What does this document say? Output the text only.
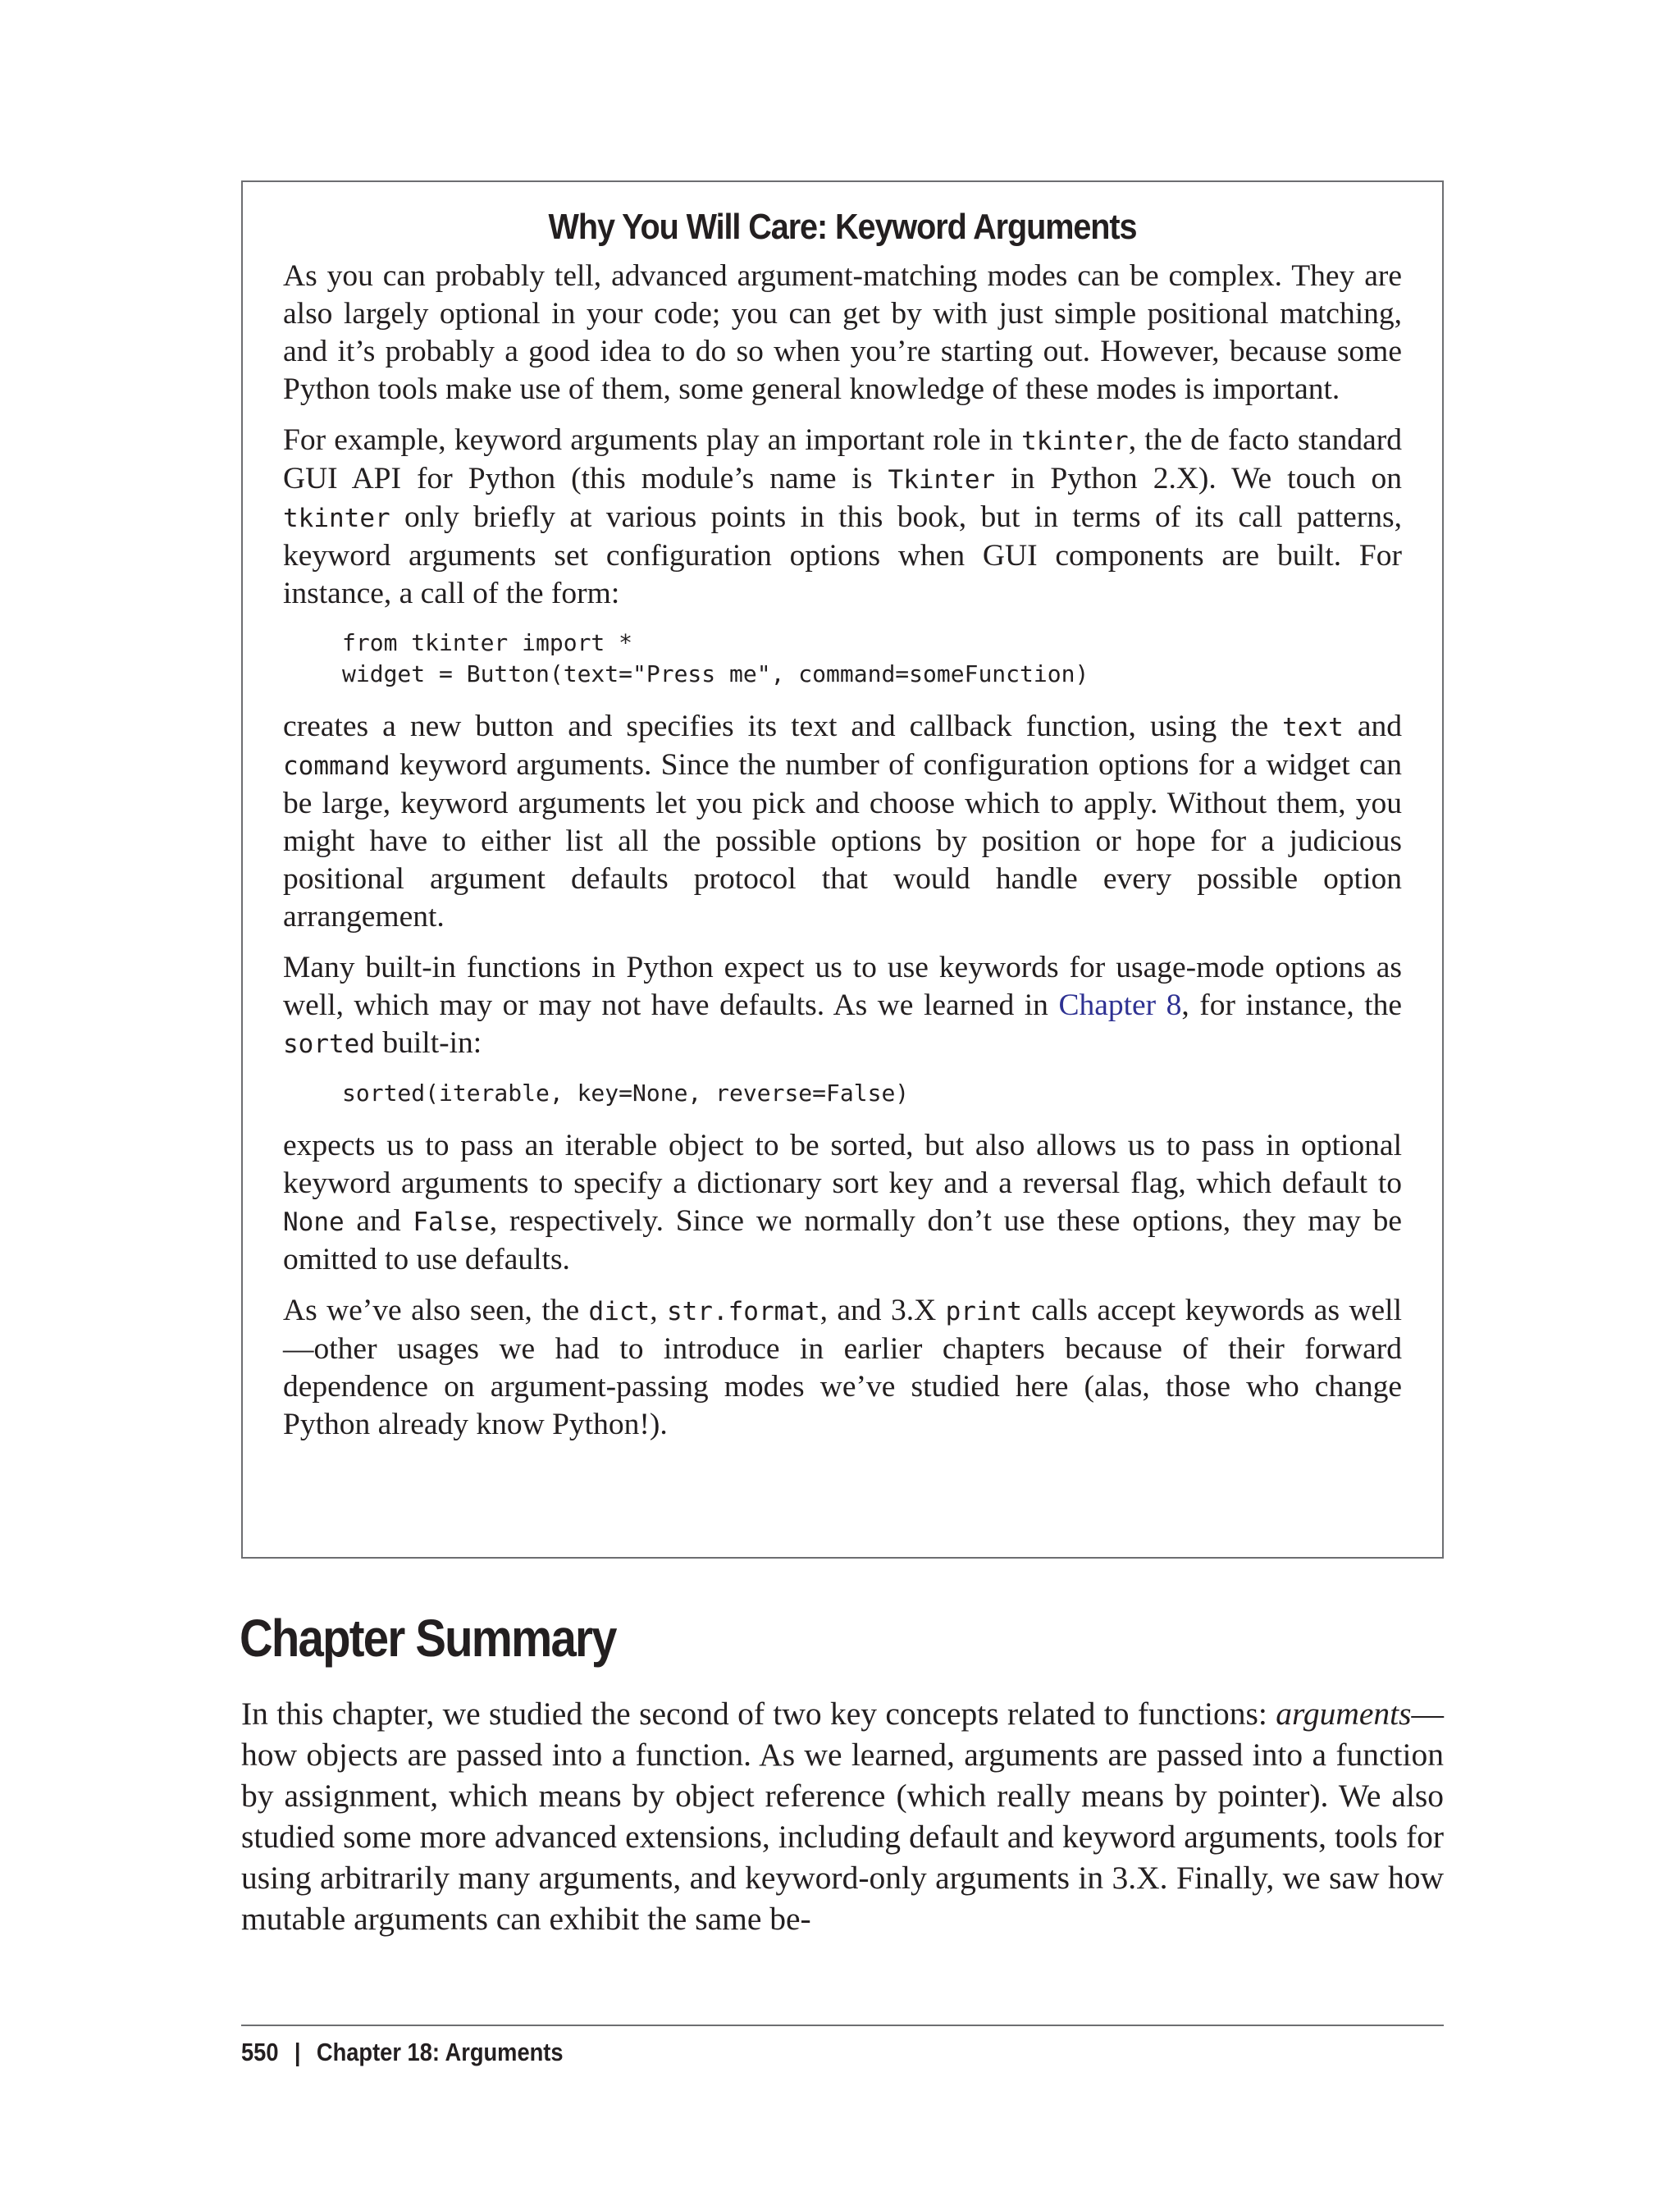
Why You Will Care: Keyword Arguments

As you can probably tell, advanced argument-matching modes can be complex. They are also largely optional in your code; you can get by with just simple positional matching, and it’s probably a good idea to do so when you’re starting out. However, because some Python tools make use of them, some general knowledge of these modes is important.

For example, keyword arguments play an important role in tkinter, the de facto standard GUI API for Python (this module’s name is Tkinter in Python 2.X). We touch on tkinter only briefly at various points in this book, but in terms of its call patterns, keyword arguments set configuration options when GUI components are built. For instance, a call of the form:

from tkinter import *
widget = Button(text="Press me", command=someFunction)

creates a new button and specifies its text and callback function, using the text and command keyword arguments. Since the number of configuration options for a widget can be large, keyword arguments let you pick and choose which to apply. Without them, you might have to either list all the possible options by position or hope for a judicious positional argument defaults protocol that would handle every possible option arrangement.

Many built-in functions in Python expect us to use keywords for usage-mode options as well, which may or may not have defaults. As we learned in Chapter 8, for instance, the sorted built-in:

sorted(iterable, key=None, reverse=False)

expects us to pass an iterable object to be sorted, but also allows us to pass in optional keyword arguments to specify a dictionary sort key and a reversal flag, which default to None and False, respectively. Since we normally don’t use these options, they may be omitted to use defaults.

As we’ve also seen, the dict, str.format, and 3.X print calls accept keywords as well —other usages we had to introduce in earlier chapters because of their forward dependence on argument-passing modes we’ve studied here (alas, those who change Python already know Python!).

Chapter Summary

In this chapter, we studied the second of two key concepts related to functions: arguments—how objects are passed into a function. As we learned, arguments are passed into a function by assignment, which means by object reference (which really means by pointer). We also studied some more advanced extensions, including default and keyword arguments, tools for using arbitrarily many arguments, and keyword-only arguments in 3.X. Finally, we saw how mutable arguments can exhibit the same be-

550 | Chapter 18: Arguments
